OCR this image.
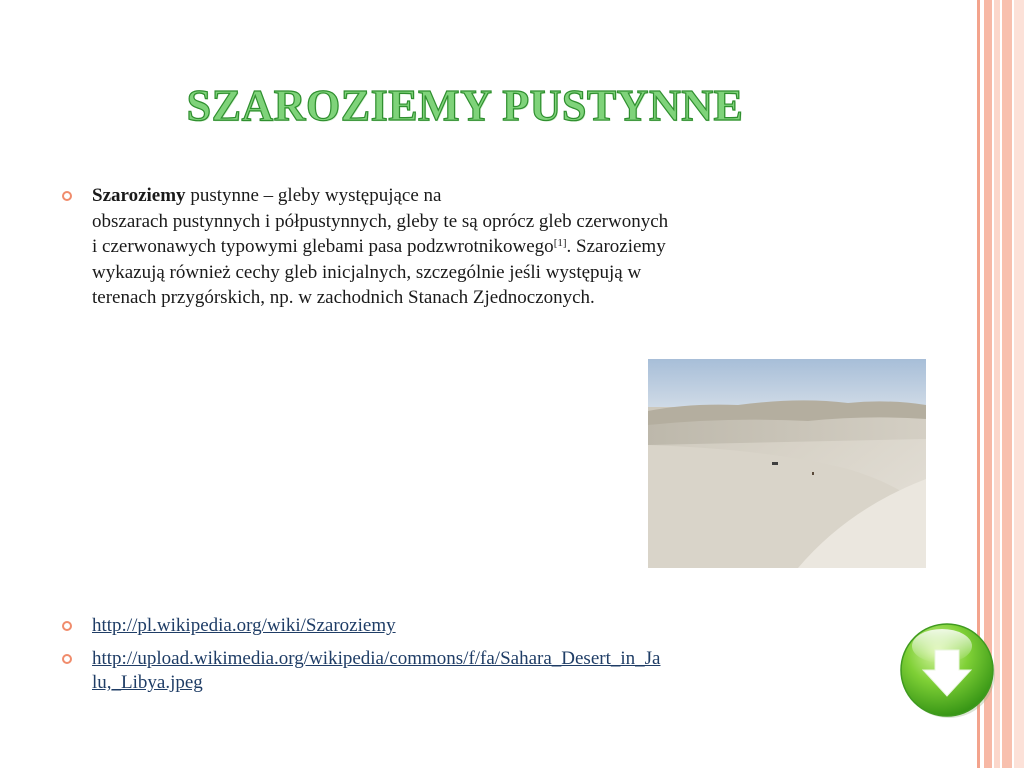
SZAROZIEMY PUSTYNNE

Szaroziemy pustynne – gleby występujące na
obszarach pustynnych i półpustynnych, gleby te są oprócz gleb czerwonych
i czerwonawych typowymi glebami pasa podzwrotnikowego[1]. Szaroziemy
wykazują również cechy gleb inicjalnych, szczególnie jeśli występują w
terenach przygórskich, np. w zachodnich Stanach Zjednoczonych.

http://pl.wikipedia.org/wiki/Szaroziemy
http://upload.wikimedia.org/wikipedia/commons/f/fa/Sahara_Desert_in_Ja
lu,_Libya.jpeg
